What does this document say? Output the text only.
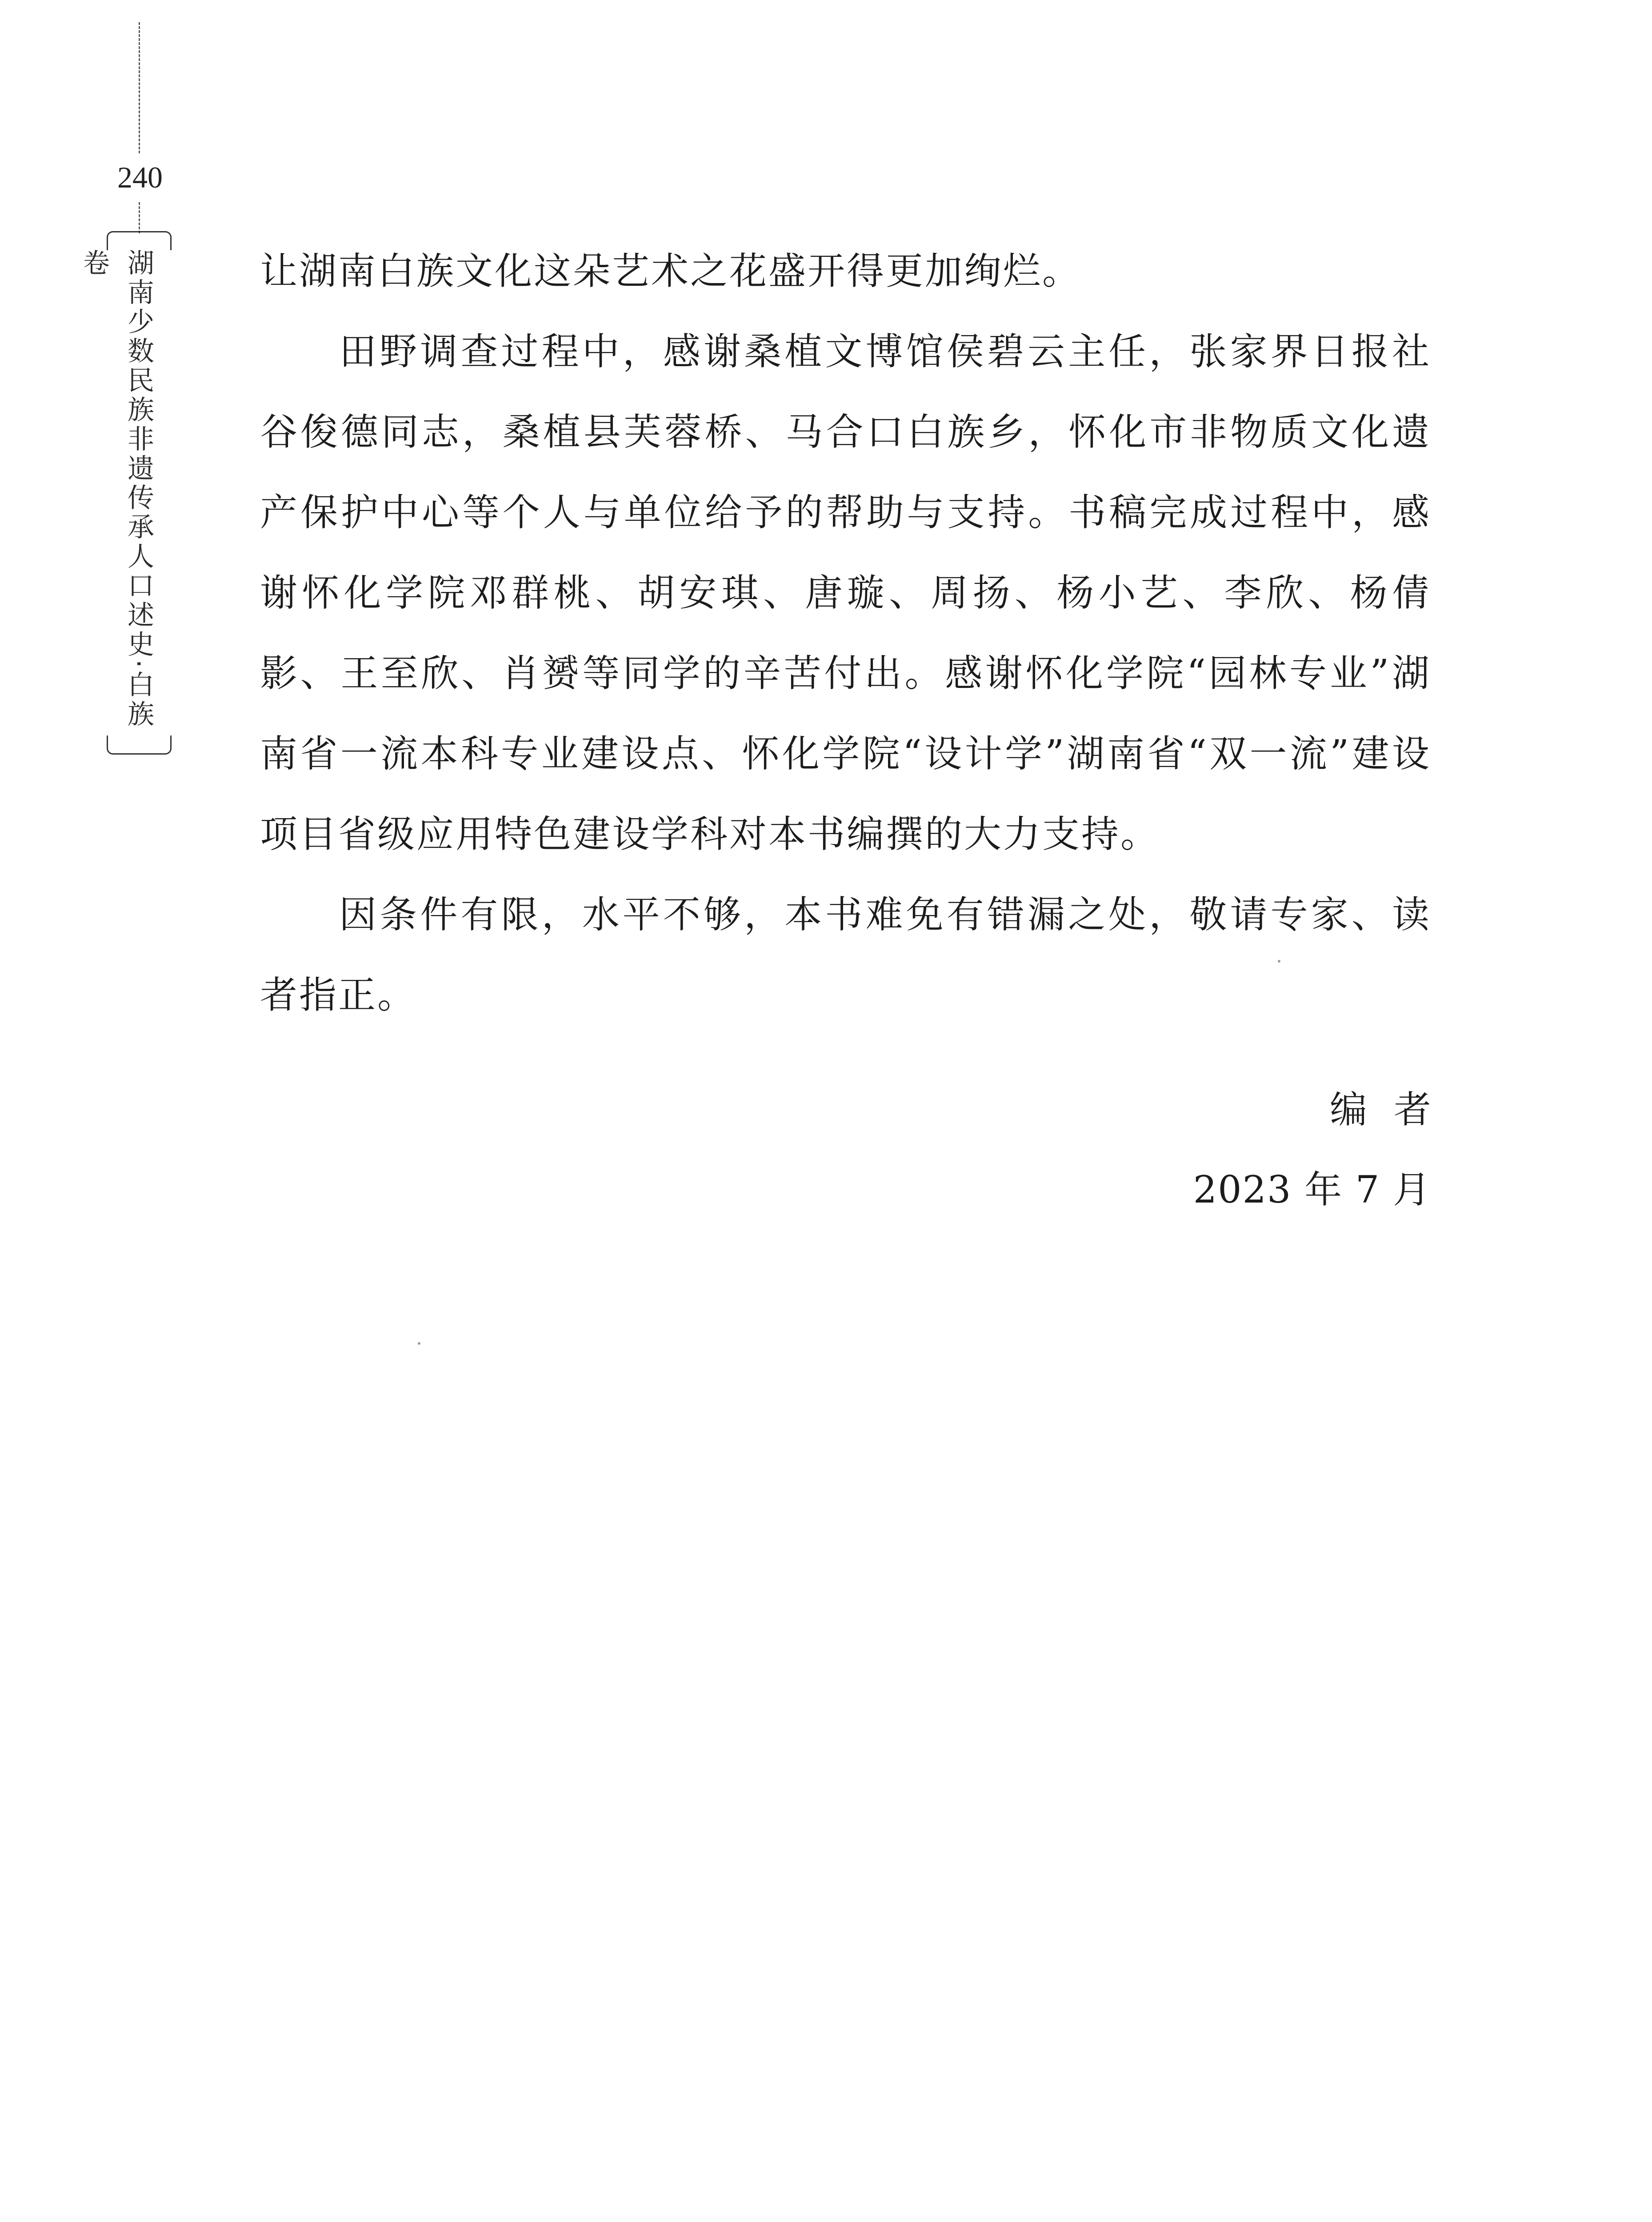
240
湖南少数民族非遗传承人口述史·白族卷	让湖南白族文化这朵艺术之花盛开得更加绚烂。

田野调查过程中，感谢桑植文博馆侯碧云主任，张家界日报社谷俊德同志，桑植县芙蓉桥、马合口白族乡，怀化市非物质文化遗产保护中心等个人与单位给予的帮助与支持。书稿完成过程中，感谢怀化学院邓群桃、胡安琪、唐璇、周扬、杨小艺、李欣、杨倩影、王至欣、肖赟等同学的辛苦付出。感谢怀化学院“园林专业”湖南省一流本科专业建设点、怀化学院“设计学”湖南省“双一流”建设项目省级应用特色建设学科对本书编撰的大力支持。

因条件有限，水平不够，本书难免有错漏之处，敬请专家、读者指正。

编者
2023 年 7 月
